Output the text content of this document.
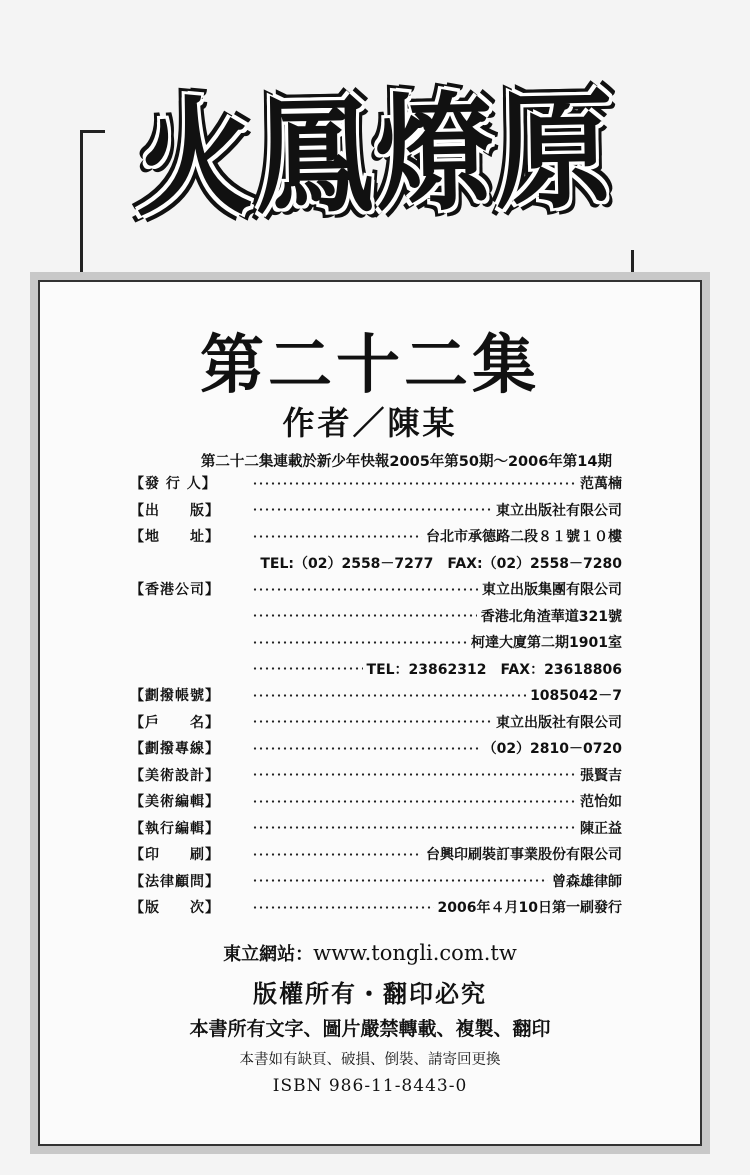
火鳳燎原
第二十二集
作者／陳某
第二十二集連載於新少年快報2005年第50期～2006年第14期
【發 行 人】	范萬楠
【出　　版】	東立出版社有限公司
【地　　址】	台北市承德路二段８１號１０樓
TEL:（02）2558－7277　FAX:（02）2558－7280
【香港公司】	東立出版集團有限公司
香港北角渣華道321號
柯達大廈第二期1901室
TEL：23862312　FAX：23618806
【劃撥帳號】	1085042－7
【戶　　名】	東立出版社有限公司
【劃撥專線】	（02）2810－0720
【美術設計】	張賢吉
【美術編輯】	范怡如
【執行編輯】	陳正益
【印　　刷】	台興印刷裝訂事業股份有限公司
【法律顧問】	曾森雄律師
【版　　次】	2006年４月10日第一刷發行
東立網站：www.tongli.com.tw
版權所有・翻印必究
本書所有文字、圖片嚴禁轉載、複製、翻印
本書如有缺頁、破損、倒裝、請寄回更換
ISBN 986-11-8443-0
